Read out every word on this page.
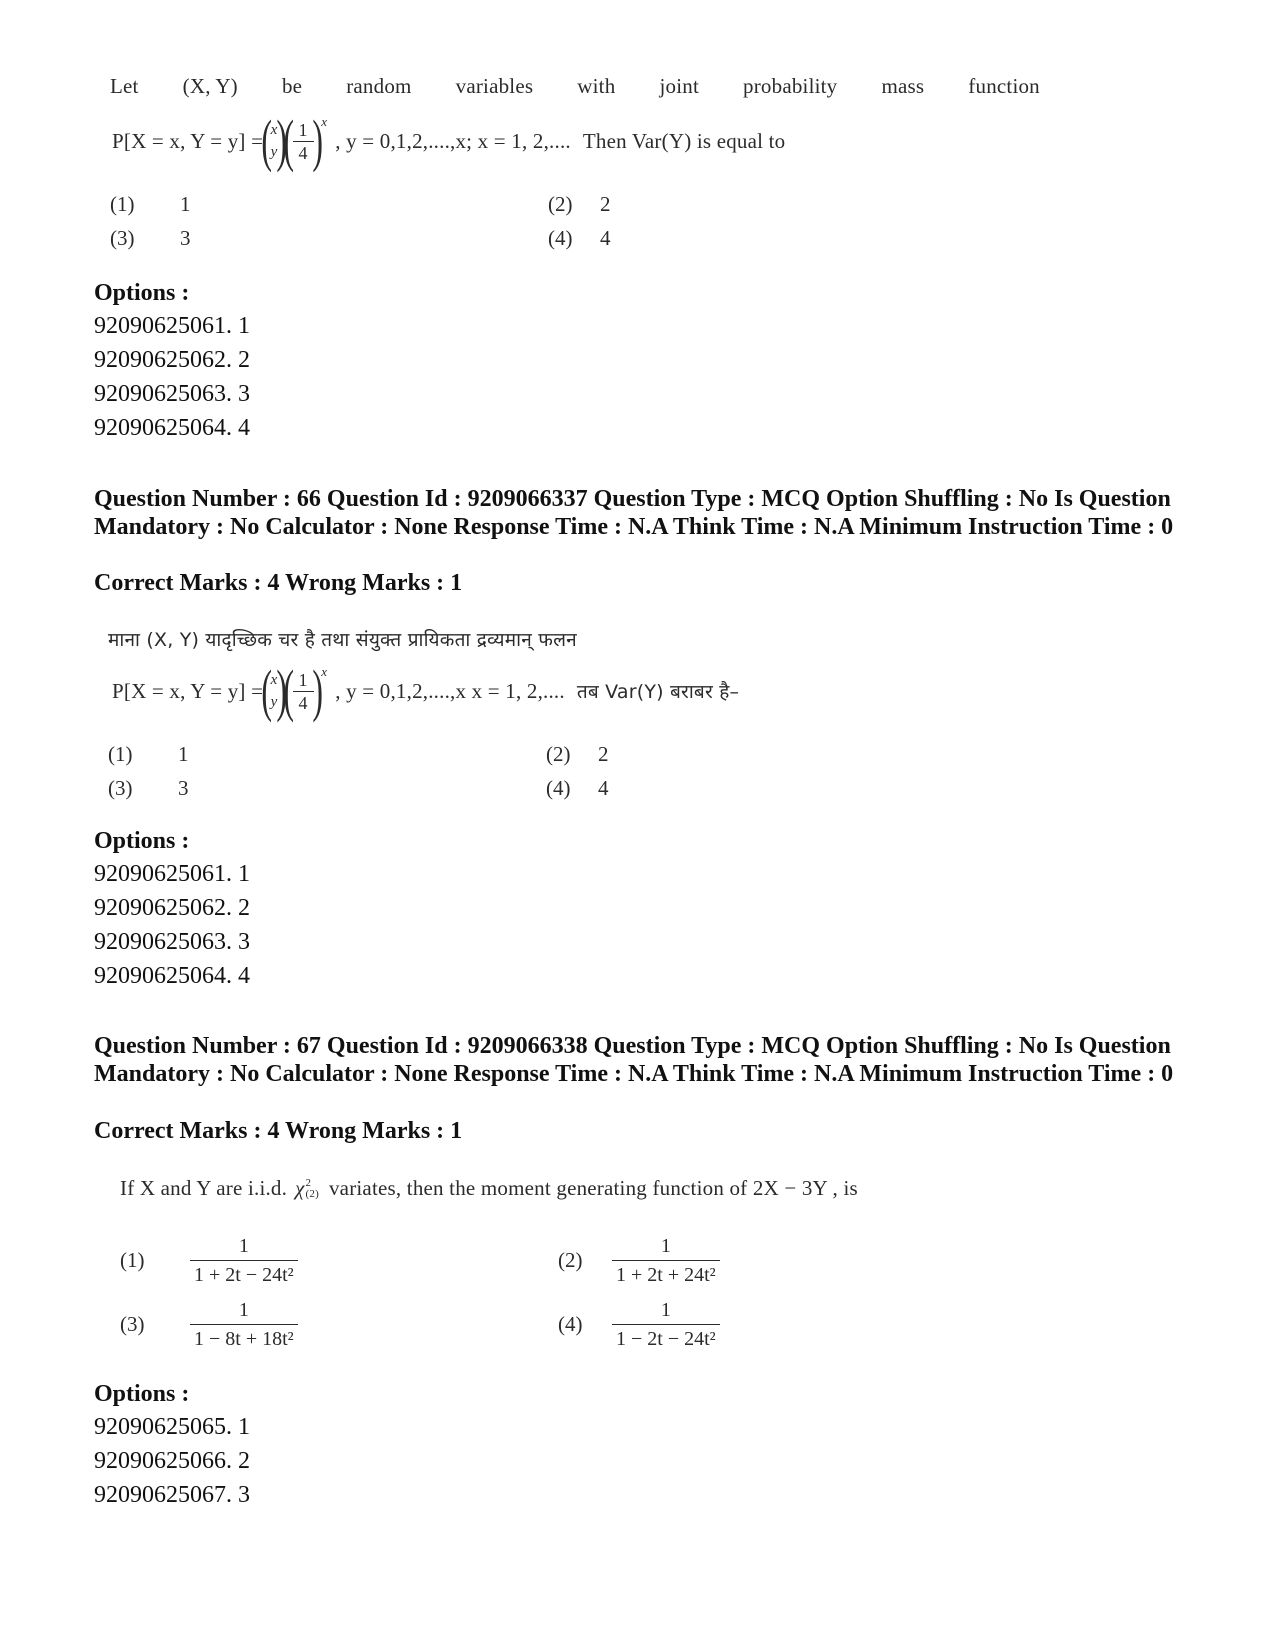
Let (X, Y) be random variables with joint probability mass function
P[X = x, Y = y] =
(
x
y
)
(
$\frac{1}{4}$
)
x
, y = 0,1,2,....,x; x = 1, 2,.... Then Var(Y) is equal to
(1) 1	(2) 2
(3) 3	(4) 4
Options :
92090625061. 1
92090625062. 2
92090625063. 3
92090625064. 4
Question Number : 66 Question Id : 9209066337 Question Type : MCQ Option Shuffling : No Is Question Mandatory : No Calculator : None Response Time : N.A Think Time : N.A Minimum Instruction Time : 0
Correct Marks : 4 Wrong Marks : 1
माना (X, Y) यादृच्छिक चर है तथा संयुक्त प्रायिकता द्रव्यमान् फलन
P[X = x, Y = y] =
(
x
y
)
(
$\frac{1}{4}$
)
x
, y = 0,1,2,....,x x = 1, 2,.... तब Var(Y) बराबर है–
(1) 1	(2) 2
(3) 3	(4) 4
Options :
92090625061. 1
92090625062. 2
92090625063. 3
92090625064. 4
Question Number : 67 Question Id : 9209066338 Question Type : MCQ Option Shuffling : No Is Question Mandatory : No Calculator : None Response Time : N.A Think Time : N.A Minimum Instruction Time : 0
Correct Marks : 4 Wrong Marks : 1
If X and Y are i.i.d. χ 2
(2) variates, then the moment generating function of 2X − 3Y , is
(1)	$\frac{1}{\text{1 + 2t − 24t²}}$	(2)	$\frac{1}{\text{1 + 2t + 24t²}}$
(3)	$\frac{1}{\text{1 − 8t + 18t²}}$	(4)	$\frac{1}{\text{1 − 2t − 24t²}}$
Options :
92090625065. 1
92090625066. 2
92090625067. 3
